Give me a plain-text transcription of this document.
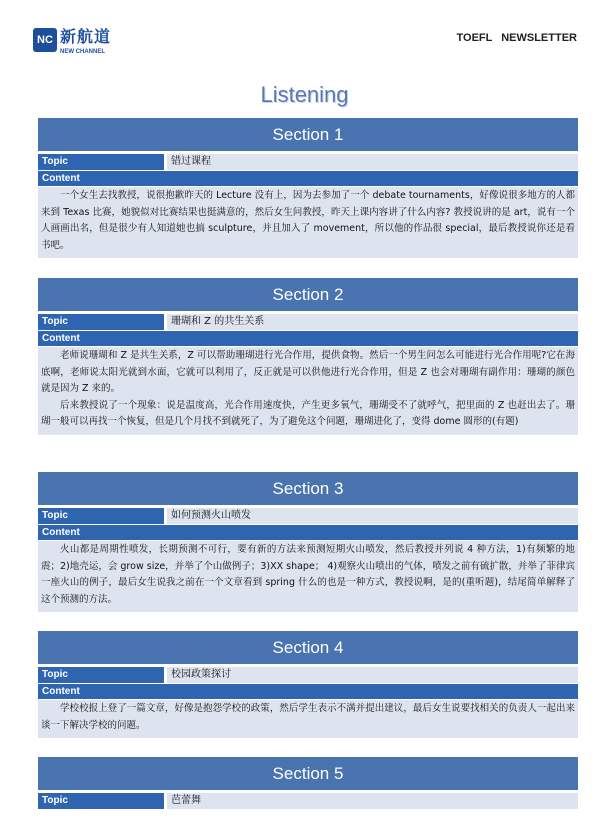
NC 新航道
NEW CHANNEL
TOEFL NEWSLETTER
Listening
Section 1
Topic	错过课程
Content

一个女生去找教授，说很抱歉昨天的 Lecture 没有上，因为去参加了一个 debate tournaments，好像说很多地方的人都来到 Texas 比赛，她貌似对比赛结果也挺满意的，然后女生问教授，昨天上课内容讲了什么内容? 教授说讲的是 art，说有一个人画画出名，但是很少有人知道她也搞 sculpture，并且加入了 movement，所以他的作品很 special，最后教授说你还是看书吧。

Section 2
Topic	珊瑚和 Z 的共生关系
Content

老师说珊瑚和 Z 是共生关系，Z 可以帮助珊瑚进行光合作用，提供食物。然后一个男生问怎么可能进行光合作用呢?它在海底啊，老师说太阳光就到水面，它就可以利用了，反正就是可以供他进行光合作用，但是 Z 也会对珊瑚有副作用：珊瑚的颜色就是因为 Z 来的。

后来教授说了一个现象：说是温度高，光合作用速度快，产生更多氧气，珊瑚受不了就呼气，把里面的 Z 也赶出去了。珊瑚一般可以再找一个恢复，但是几个月找不到就死了，为了避免这个问题，珊瑚进化了，变得 dome 圆形的(有题)

Section 3
Topic	如何预测火山喷发
Content

火山都是周期性喷发，长期预测不可行，要有新的方法来预测短期火山喷发，然后教授并列说 4 种方法，1)有频繁的地震；2)地壳运，会 grow size，并举了个山做例子；3)XX shape； 4)观察火山喷出的气体，喷发之前有硫扩散，并举了菲律宾一座火山的例子，最后女生说我之前在一个文章看到 spring 什么的也是一种方式，教授说啊，是的(重听题)，结尾简单解释了这个预测的方法。

Section 4
Topic	校园政策探讨
Content

学校校报上登了一篇文章，好像是抱怨学校的政策，然后学生表示不满并提出建议，最后女生说要找相关的负责人一起出来谈一下解决学校的问题。

Section 5
Topic	芭蕾舞
